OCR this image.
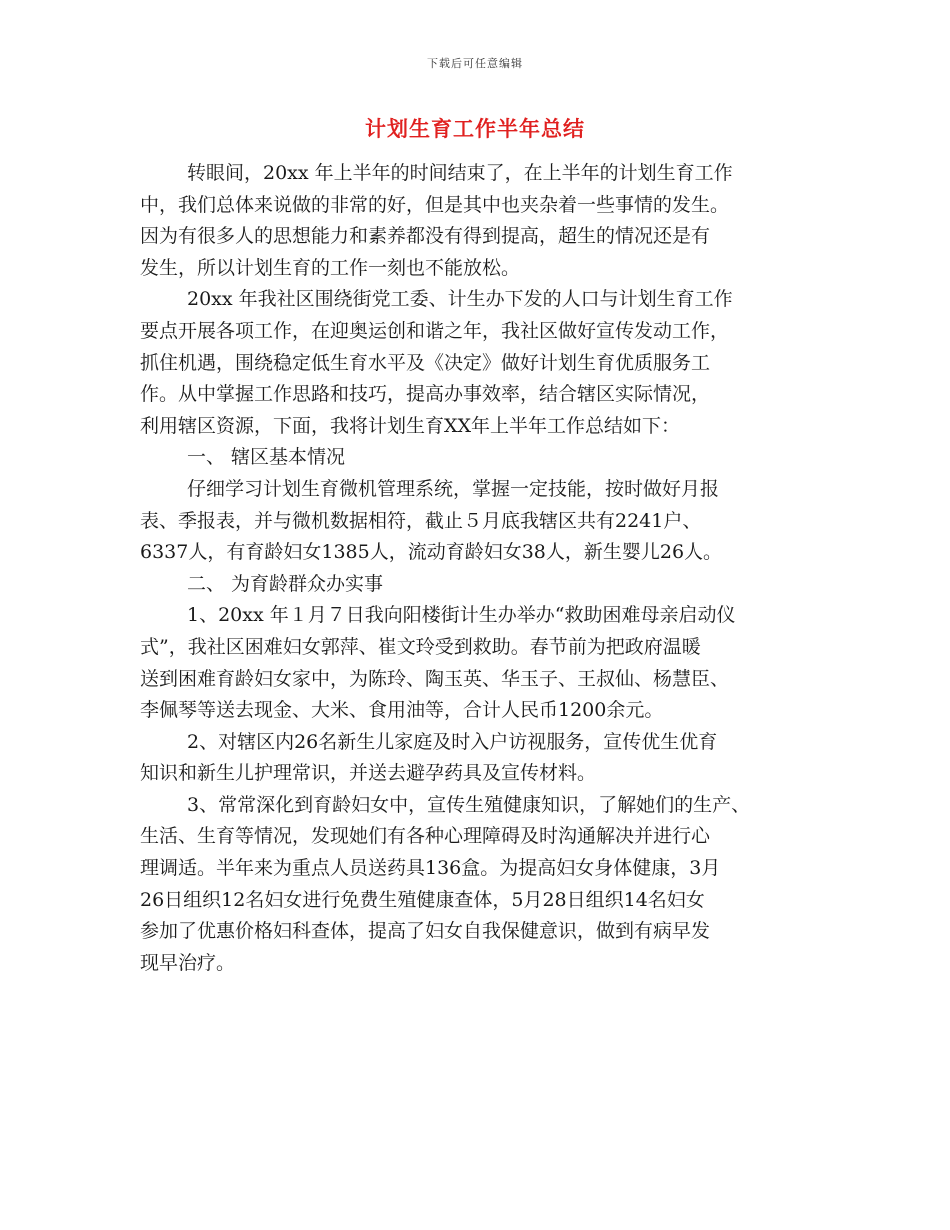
下载后可任意编辑
计划生育工作半年总结
转眼间，20xx 年上半年的时间结束了，在上半年的计划生育工作
中，我们总体来说做的非常的好，但是其中也夹杂着一些事情的发生。
因为有很多人的思想能力和素养都没有得到提高，超生的情况还是有
发生，所以计划生育的工作一刻也不能放松。
20xx 年我社区围绕街党工委、计生办下发的人口与计划生育工作
要点开展各项工作，在迎奥运创和谐之年，我社区做好宣传发动工作，
抓住机遇，围绕稳定低生育水平及《决定》做好计划生育优质服务工
作。从中掌握工作思路和技巧，提高办事效率，结合辖区实际情况，
利用辖区资源，下面，我将计划生育XX年上半年工作总结如下：
一、 辖区基本情况
仔细学习计划生育微机管理系统，掌握一定技能，按时做好月报
表、季报表，并与微机数据相符，截止５月底我辖区共有2241户、
6337人，有育龄妇女1385人，流动育龄妇女38人，新生婴儿26人。
二、 为育龄群众办实事
1、20xx 年１月７日我向阳楼街计生办举办“救助困难母亲启动仪
式”，我社区困难妇女郭萍、崔文玲受到救助。春节前为把政府温暖
送到困难育龄妇女家中，为陈玲、陶玉英、华玉子、王叔仙、杨慧臣、
李佩琴等送去现金、大米、食用油等，合计人民币1200余元。
2、对辖区内26名新生儿家庭及时入户访视服务，宣传优生优育
知识和新生儿护理常识，并送去避孕药具及宣传材料。
3、常常深化到育龄妇女中，宣传生殖健康知识，了解她们的生产、
生活、生育等情况，发现她们有各种心理障碍及时沟通解决并进行心
理调适。半年来为重点人员送药具136盒。为提高妇女身体健康，3月
26日组织12名妇女进行免费生殖健康查体，5月28日组织14名妇女
参加了优惠价格妇科查体，提高了妇女自我保健意识，做到有病早发
现早治疗。
